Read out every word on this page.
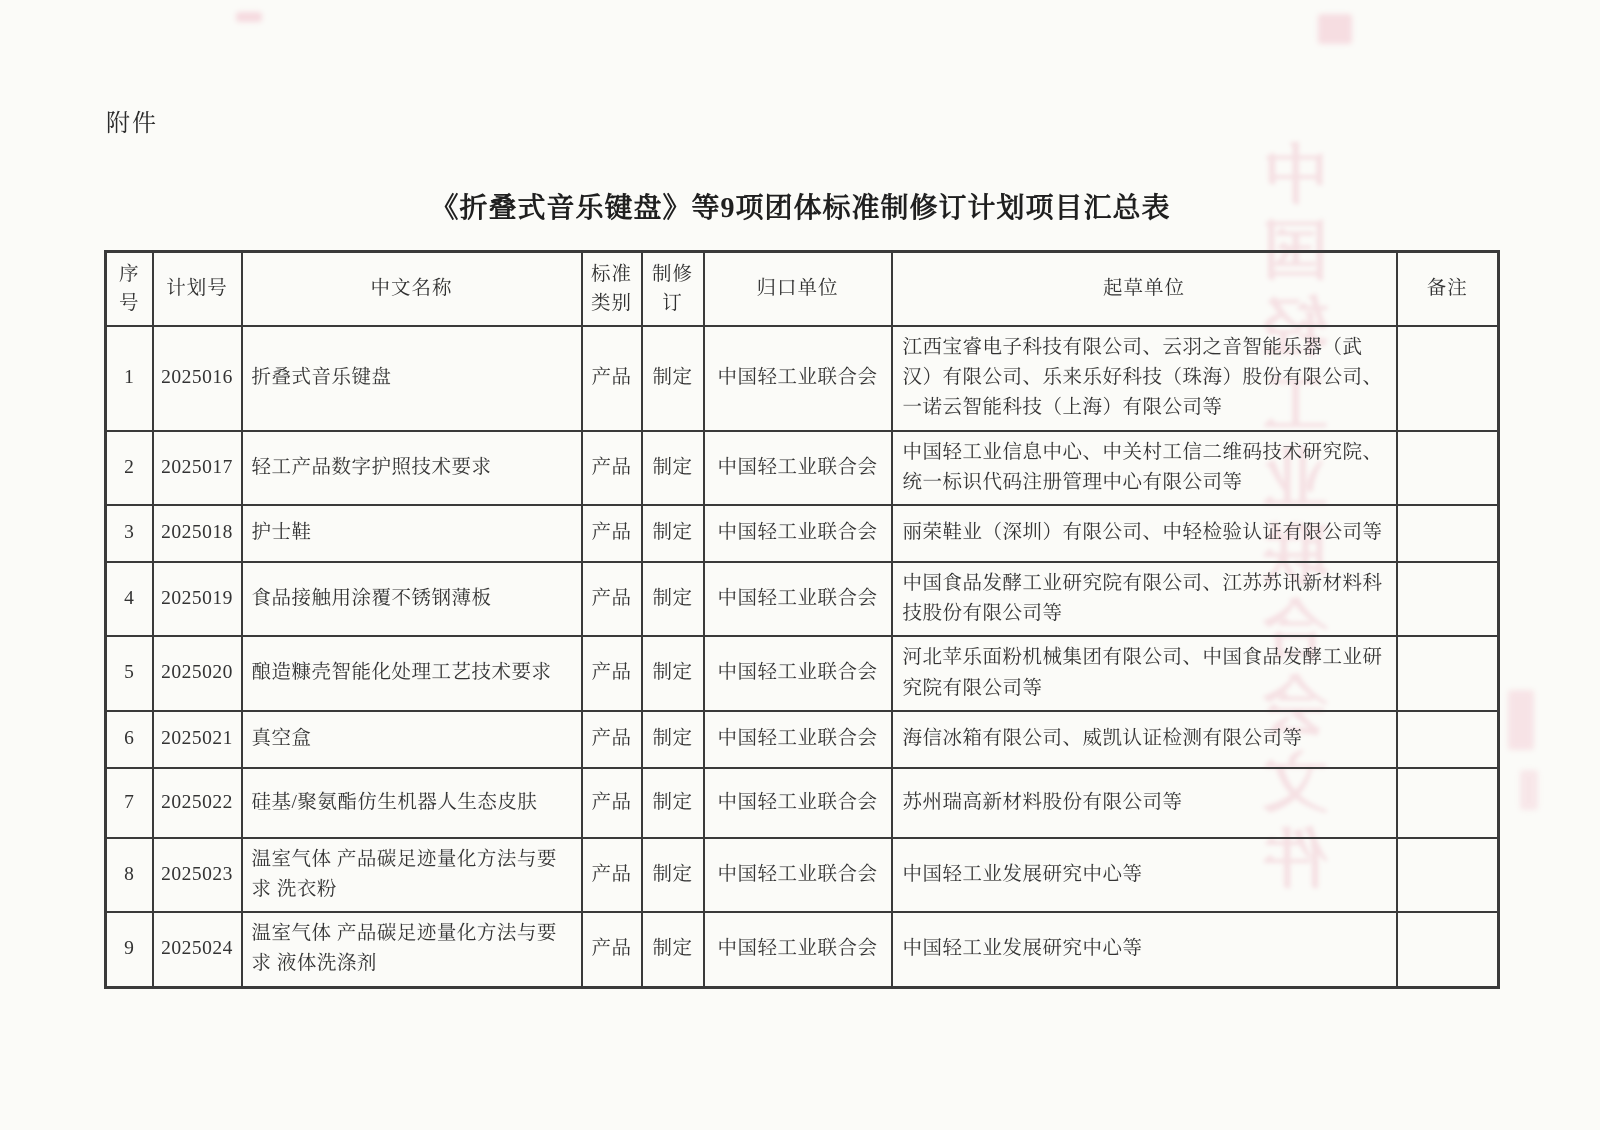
中国轻工业联合会文件
附件
《折叠式音乐键盘》等9项团体标准制修订计划项目汇总表
序号	计划号	中文名称	标准类别	制修订	归口单位	起草单位	备注
1	2025016	折叠式音乐键盘	产品	制定	中国轻工业联合会	江西宝睿电子科技有限公司、云羽之音智能乐器（武汉）有限公司、乐来乐好科技（珠海）股份有限公司、一诺云智能科技（上海）有限公司等	
2	2025017	轻工产品数字护照技术要求	产品	制定	中国轻工业联合会	中国轻工业信息中心、中关村工信二维码技术研究院、统一标识代码注册管理中心有限公司等	
3	2025018	护士鞋	产品	制定	中国轻工业联合会	丽荣鞋业（深圳）有限公司、中轻检验认证有限公司等	
4	2025019	食品接触用涂覆不锈钢薄板	产品	制定	中国轻工业联合会	中国食品发酵工业研究院有限公司、江苏苏讯新材料科技股份有限公司等	
5	2025020	酿造糠壳智能化处理工艺技术要求	产品	制定	中国轻工业联合会	河北苹乐面粉机械集团有限公司、中国食品发酵工业研究院有限公司等	
6	2025021	真空盒	产品	制定	中国轻工业联合会	海信冰箱有限公司、威凯认证检测有限公司等	
7	2025022	硅基/聚氨酯仿生机器人生态皮肤	产品	制定	中国轻工业联合会	苏州瑞高新材料股份有限公司等	
8	2025023	温室气体 产品碳足迹量化方法与要求 洗衣粉	产品	制定	中国轻工业联合会	中国轻工业发展研究中心等	
9	2025024	温室气体 产品碳足迹量化方法与要求 液体洗涤剂	产品	制定	中国轻工业联合会	中国轻工业发展研究中心等	
